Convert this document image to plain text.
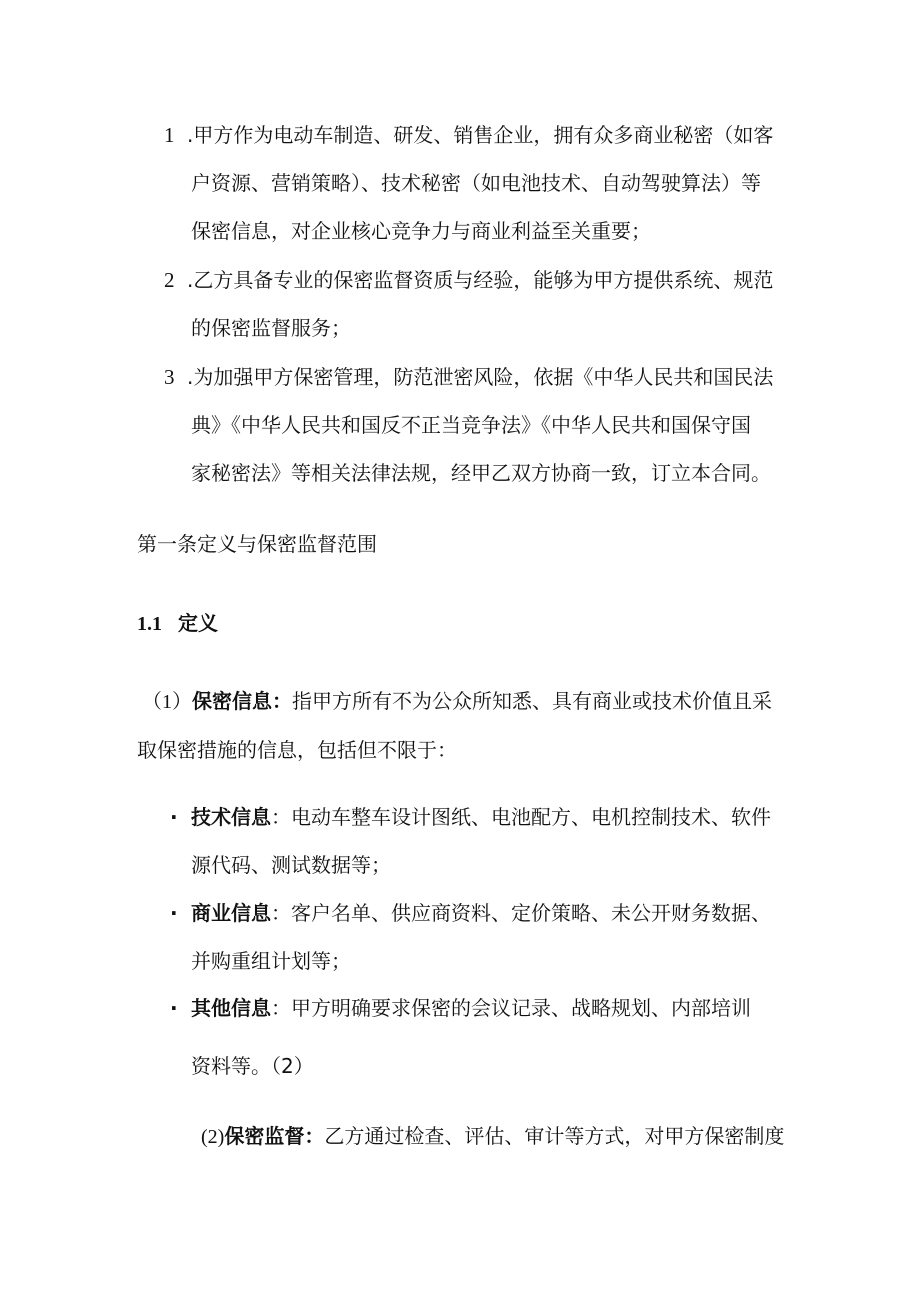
1 .甲方作为电动车制造、研发、销售企业，拥有众多商业秘密（如客
户资源、营销策略）、技术秘密（如电池技术、自动驾驶算法）等
保密信息，对企业核心竞争力与商业利益至关重要；
2 .乙方具备专业的保密监督资质与经验，能够为甲方提供系统、规范
的保密监督服务；
3 .为加强甲方保密管理，防范泄密风险，依据《中华人民共和国民法
典》《中华人民共和国反不正当竞争法》《中华人民共和国保守国
家秘密法》等相关法律法规，经甲乙双方协商一致，订立本合同。
第一条定义与保密监督范围
1.1 定义
（1）保密信息：指甲方所有不为公众所知悉、具有商业或技术价值且采
取保密措施的信息，包括但不限于：
· 技术信息：电动车整车设计图纸、电池配方、电机控制技术、软件
源代码、测试数据等；
· 商业信息：客户名单、供应商资料、定价策略、未公开财务数据、
并购重组计划等；
· 其他信息：甲方明确要求保密的会议记录、战略规划、内部培训
资料等。（2）
(2)保密监督：乙方通过检查、评估、审计等方式，对甲方保密制度
